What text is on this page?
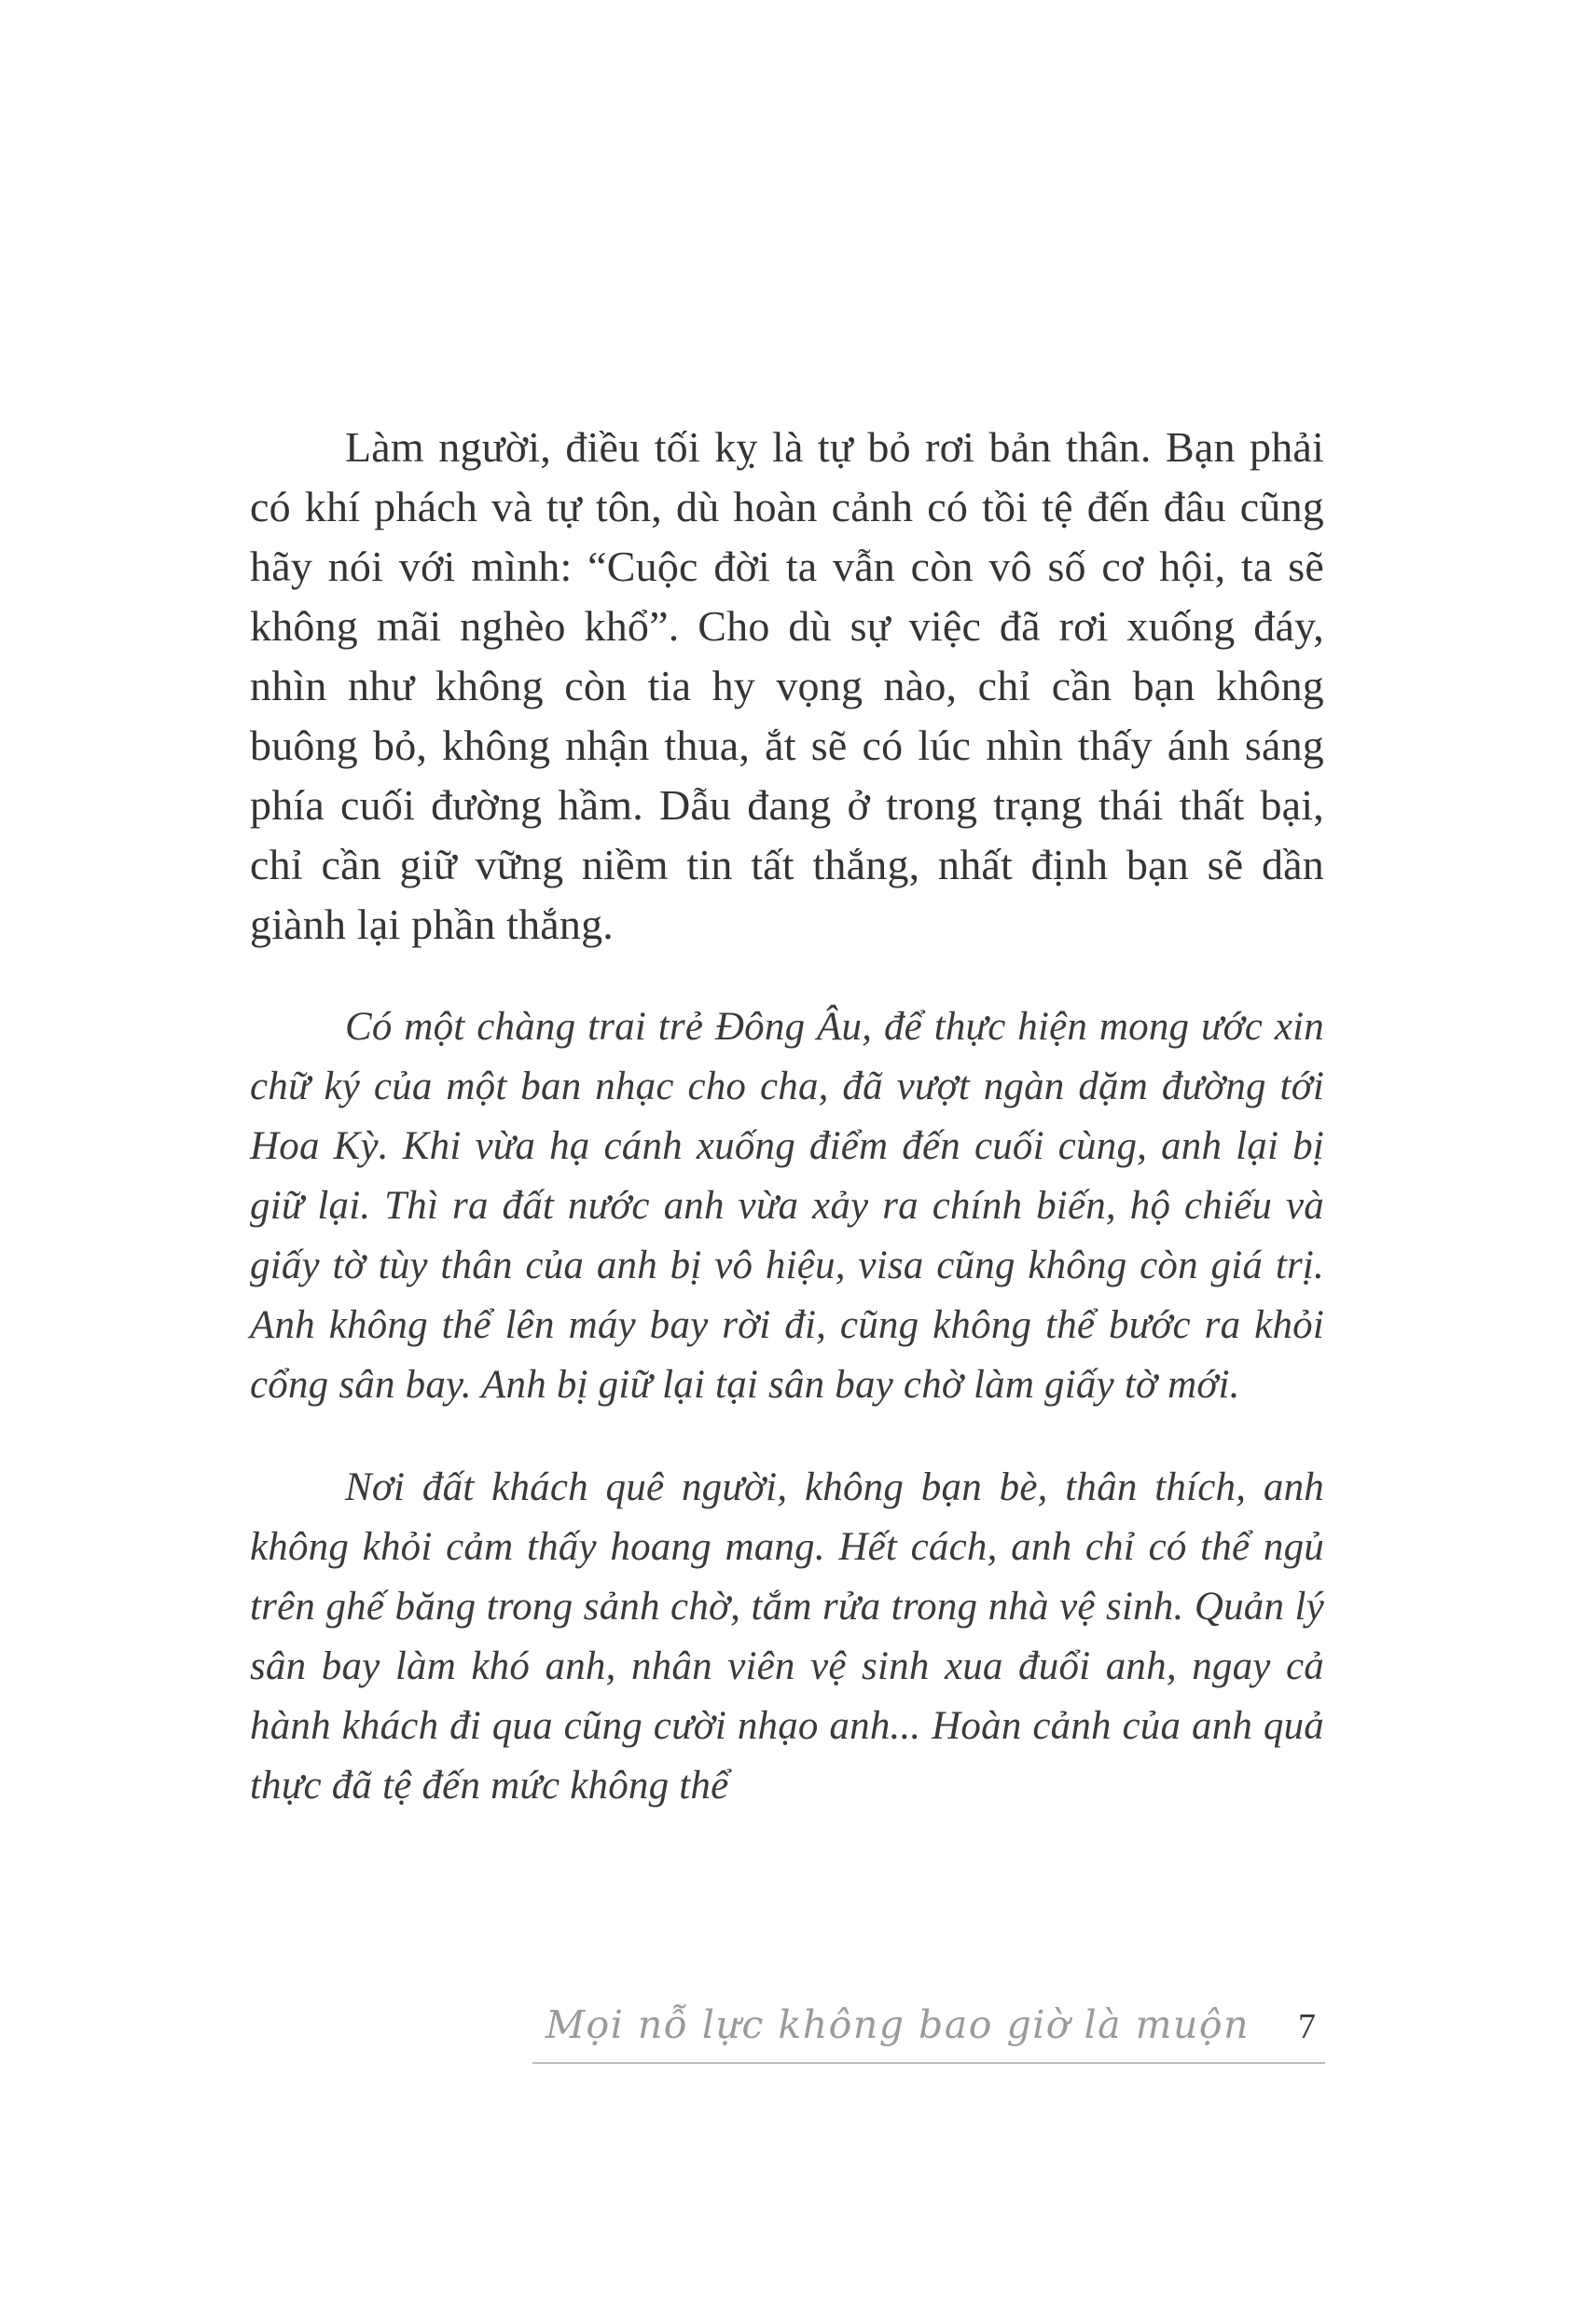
Làm người, điều tối kỵ là tự bỏ rơi bản thân. Bạn phải có khí phách và tự tôn, dù hoàn cảnh có tồi tệ đến đâu cũng hãy nói với mình: “Cuộc đời ta vẫn còn vô số cơ hội, ta sẽ không mãi nghèo khổ”. Cho dù sự việc đã rơi xuống đáy, nhìn như không còn tia hy vọng nào, chỉ cần bạn không buông bỏ, không nhận thua, ắt sẽ có lúc nhìn thấy ánh sáng phía cuối đường hầm. Dẫu đang ở trong trạng thái thất bại, chỉ cần giữ vững niềm tin tất thắng, nhất định bạn sẽ dần giành lại phần thắng.

Có một chàng trai trẻ Đông Âu, để thực hiện mong ước xin chữ ký của một ban nhạc cho cha, đã vượt ngàn dặm đường tới Hoa Kỳ. Khi vừa hạ cánh xuống điểm đến cuối cùng, anh lại bị giữ lại. Thì ra đất nước anh vừa xảy ra chính biến, hộ chiếu và giấy tờ tùy thân của anh bị vô hiệu, visa cũng không còn giá trị. Anh không thể lên máy bay rời đi, cũng không thể bước ra khỏi cổng sân bay. Anh bị giữ lại tại sân bay chờ làm giấy tờ mới.

Nơi đất khách quê người, không bạn bè, thân thích, anh không khỏi cảm thấy hoang mang. Hết cách, anh chỉ có thể ngủ trên ghế băng trong sảnh chờ, tắm rửa trong nhà vệ sinh. Quản lý sân bay làm khó anh, nhân viên vệ sinh xua đuổi anh, ngay cả hành khách đi qua cũng cười nhạo anh... Hoàn cảnh của anh quả thực đã tệ đến mức không thể

Mọi nỗ lực không bao giờ là muộn 7
